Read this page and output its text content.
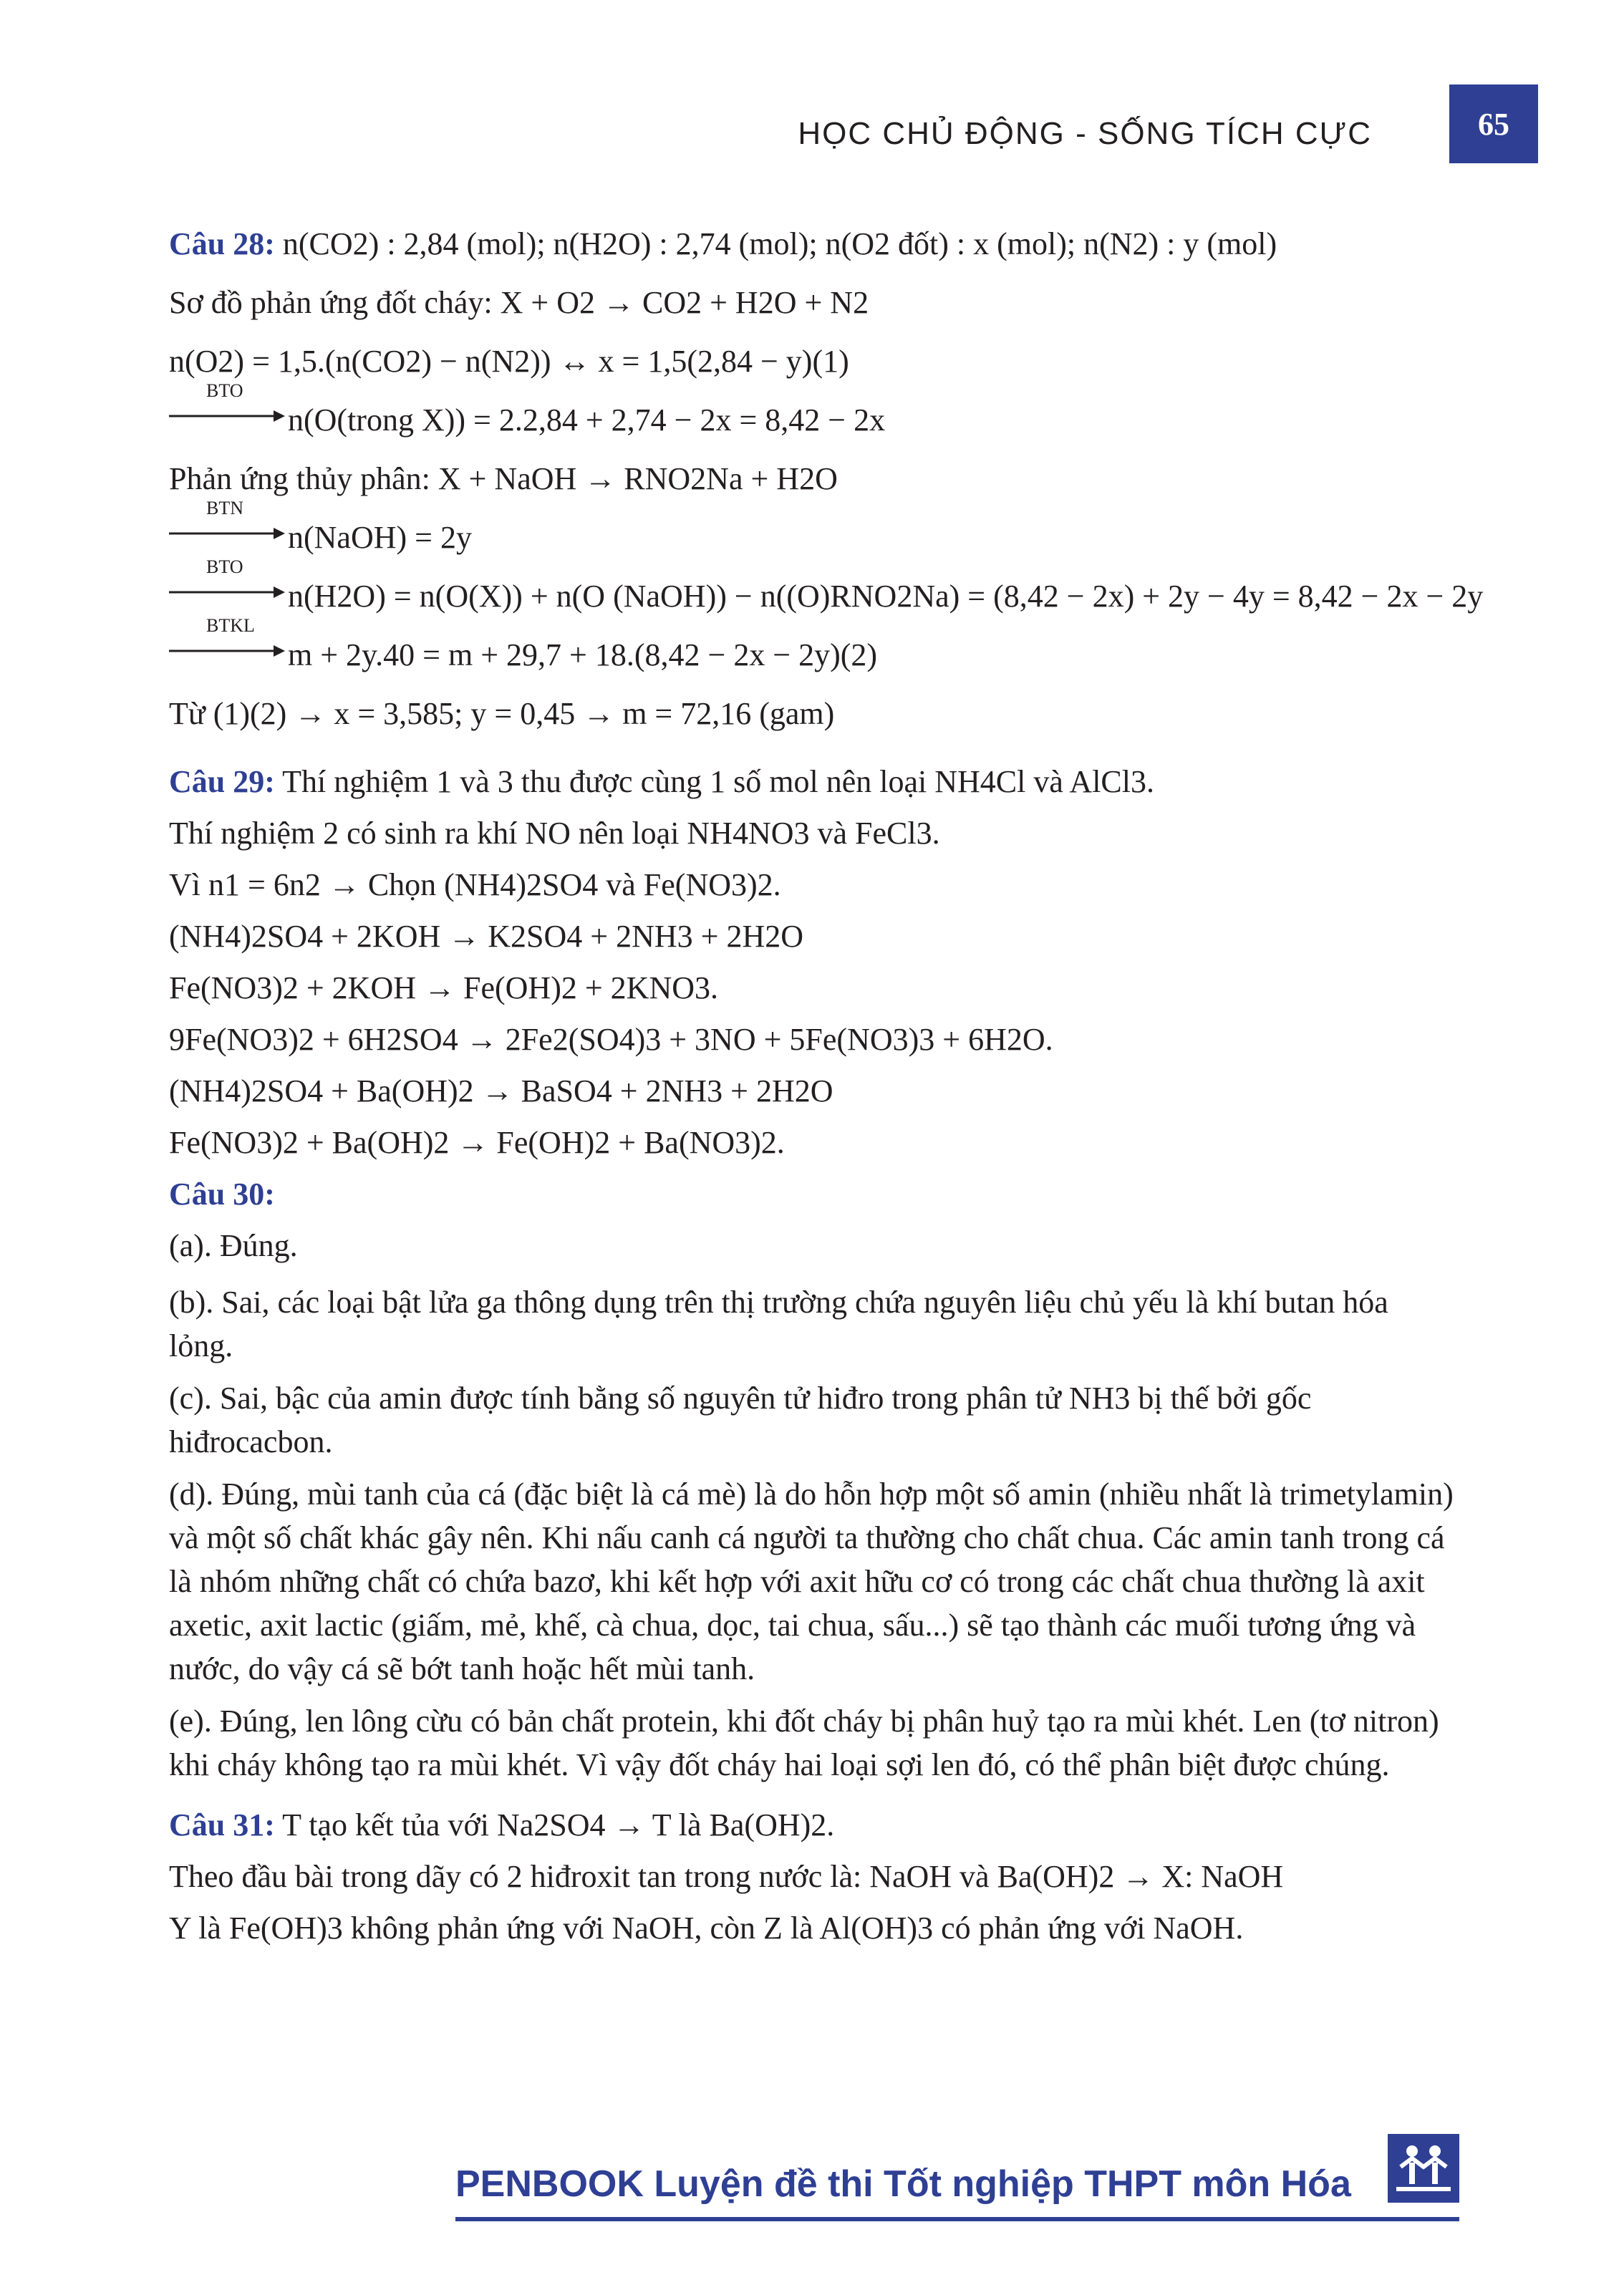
HỌC CHỦ ĐỘNG - SỐNG TÍCH CỰC	65
Câu 28: n(CO2) : 2,84 (mol); n(H2O) : 2,74 (mol); n(O2 đốt) : x (mol); n(N2) : y (mol)
Sơ đồ phản ứng đốt cháy: X + O2 → CO2 + H2O + N2
n(O2) = 1,5.(n(CO2) − n(N2)) ↔ x = 1,5(2,84 − y)(1)
BTO
n(O(trong X)) = 2.2,84 + 2,74 − 2x = 8,42 − 2x
Phản ứng thủy phân: X + NaOH → RNO2Na + H2O
BTN
n(NaOH) = 2y
BTO
n(H2O) = n(O(X)) + n(O (NaOH)) − n((O)RNO2Na) = (8,42 − 2x) + 2y − 4y = 8,42 − 2x − 2y
BTKL
m + 2y.40 = m + 29,7 + 18.(8,42 − 2x − 2y)(2)
Từ (1)(2) → x = 3,585; y = 0,45 → m = 72,16 (gam)
Câu 29: Thí nghiệm 1 và 3 thu được cùng 1 số mol nên loại NH4Cl và AlCl3.
Thí nghiệm 2 có sinh ra khí NO nên loại NH4NO3 và FeCl3.
Vì n1 = 6n2 → Chọn (NH4)2SO4 và Fe(NO3)2.
(NH4)2SO4 + 2KOH → K2SO4 + 2NH3 + 2H2O
Fe(NO3)2 + 2KOH → Fe(OH)2 + 2KNO3.
9Fe(NO3)2 + 6H2SO4 → 2Fe2(SO4)3 + 3NO + 5Fe(NO3)3 + 6H2O.
(NH4)2SO4 + Ba(OH)2 → BaSO4 + 2NH3 + 2H2O
Fe(NO3)2 + Ba(OH)2 → Fe(OH)2 + Ba(NO3)2.
Câu 30:
(a). Đúng.
(b). Sai, các loại bật lửa ga thông dụng trên thị trường chứa nguyên liệu chủ yếu là khí butan hóa lỏng.
(c). Sai, bậc của amin được tính bằng số nguyên tử hiđro trong phân tử NH3 bị thế bởi gốc hiđrocacbon.
(d). Đúng, mùi tanh của cá (đặc biệt là cá mè) là do hỗn hợp một số amin (nhiều nhất là trimetylamin) và một số chất khác gây nên. Khi nấu canh cá người ta thường cho chất chua. Các amin tanh trong cá là nhóm những chất có chứa bazơ, khi kết hợp với axit hữu cơ có trong các chất chua thường là axit axetic, axit lactic (giấm, mẻ, khế, cà chua, dọc, tai chua, sấu...) sẽ tạo thành các muối tương ứng và nước, do vậy cá sẽ bớt tanh hoặc hết mùi tanh.
(e). Đúng, len lông cừu có bản chất protein, khi đốt cháy bị phân huỷ tạo ra mùi khét. Len (tơ nitron) khi cháy không tạo ra mùi khét. Vì vậy đốt cháy hai loại sợi len đó, có thể phân biệt được chúng.
Câu 31: T tạo kết tủa với Na2SO4 → T là Ba(OH)2.
Theo đầu bài trong dãy có 2 hiđroxit tan trong nước là: NaOH và Ba(OH)2 → X: NaOH
Y là Fe(OH)3 không phản ứng với NaOH, còn Z là Al(OH)3 có phản ứng với NaOH.
PENBOOK Luyện đề thi Tốt nghiệp THPT môn Hóa
